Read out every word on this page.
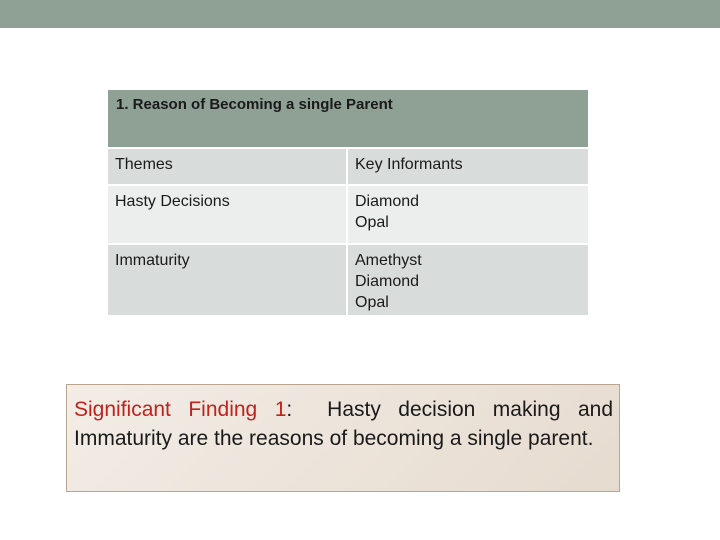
1. Reason of Becoming a single Parent
Themes	Key Informants
Hasty Decisions	Diamond
Opal
Immaturity	Amethyst
Diamond
Opal
Significant Finding 1: Hasty decision making and Immaturity are the reasons of becoming a single parent.
